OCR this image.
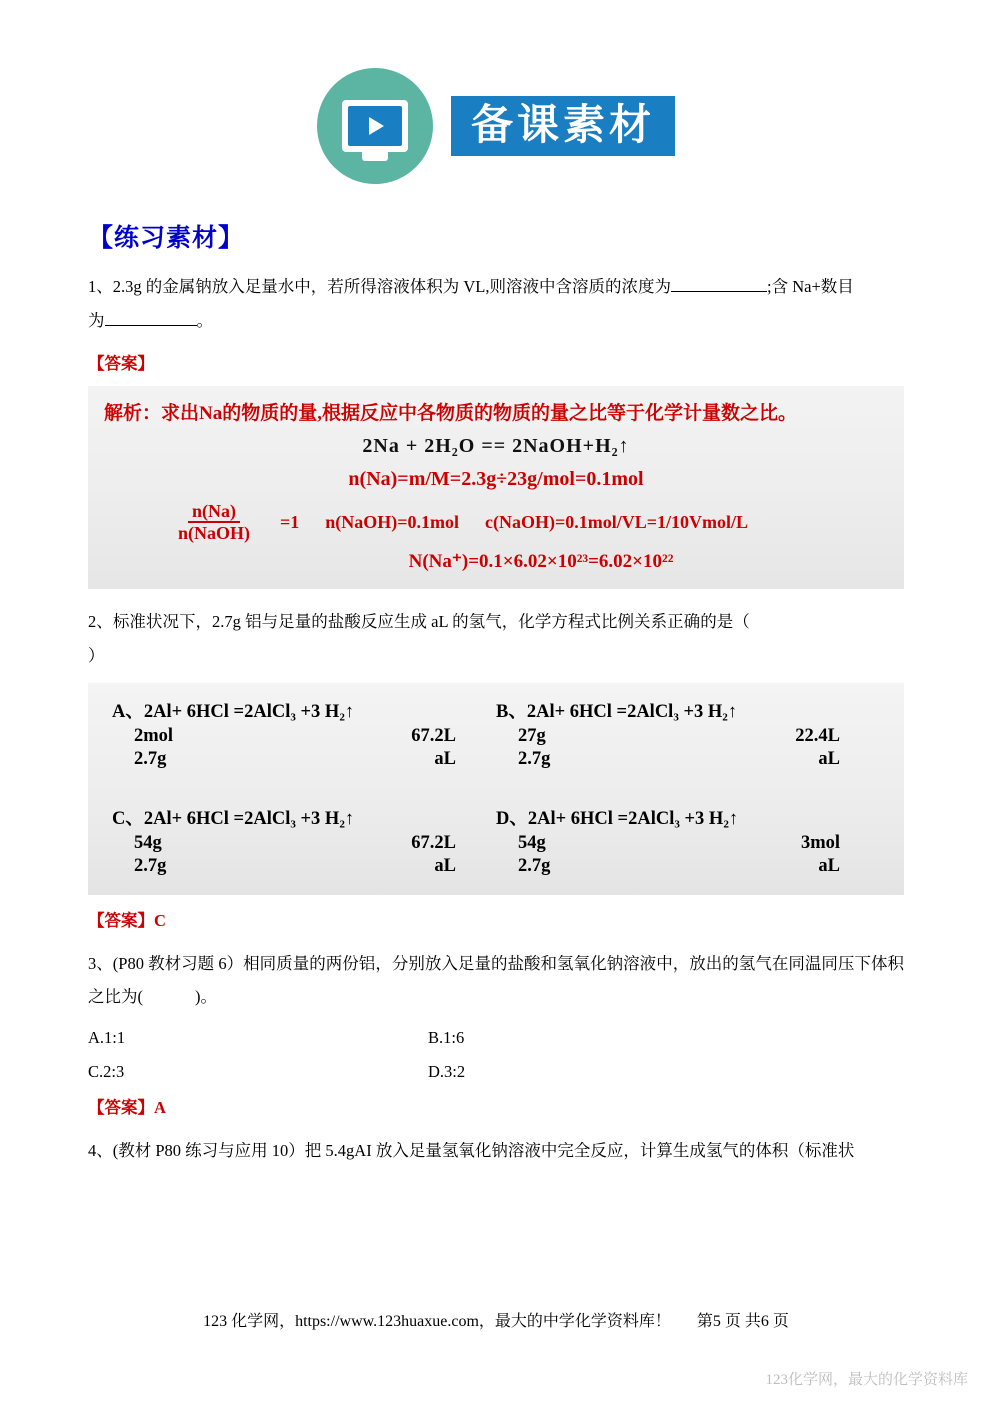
备课素材
【练习素材】
1、2.3g 的金属钠放入足量水中，若所得溶液体积为 VL,则溶液中含溶质的浓度为	;含 Na+数目
为	。
【答案】
解析：求出Na的物质的量,根据反应中各物质的物质的量之比等于化学计量数之比。
2Na + 2H₂O == 2NaOH+H₂↑
n(Na)=m/M=2.3g÷23g/mol=0.1mol
$\frac{n(Na)}{\text{n(NaOH)}} =1$ n(NaOH)=0.1mol c(NaOH)=0.1mol/VL=1/10Vmol/L
N(Na⁺)=0.1×6.02×10²³=6.02×10²²
2、标准状况下，2.7g 铝与足量的盐酸反应生成 aL 的氢气，化学方程式比例关系正确的是（ ）
A、2Al+ 6HCl =2AlCl₃ +3 H₂↑
2mol	67.2L
2.7g	aL
B、2Al+ 6HCl =2AlCl₃ +3 H₂↑
27g	22.4L
2.7g	aL
C、2Al+ 6HCl =2AlCl₃ +3 H₂↑
54g	67.2L
2.7g	aL
D、2Al+ 6HCl =2AlCl₃ +3 H₂↑
54g	3mol
2.7g	aL
【答案】C
3、(P80 教材习题 6）相同质量的两份铝，分别放入足量的盐酸和氢氧化钠溶液中，放出的氢气在同温同压下体积之比为(	)。
A.1:1	B.1:6
C.2:3	D.3:2
【答案】A
4、(教材 P80 练习与应用 10）把 5.4gAI 放入足量氢氧化钠溶液中完全反应，计算生成氢气的体积（标准状
123 化学网，https://www.123huaxue.com，最大的中学化学资料库！ 第5 页 共6 页
123化学网，最大的化学资料库
